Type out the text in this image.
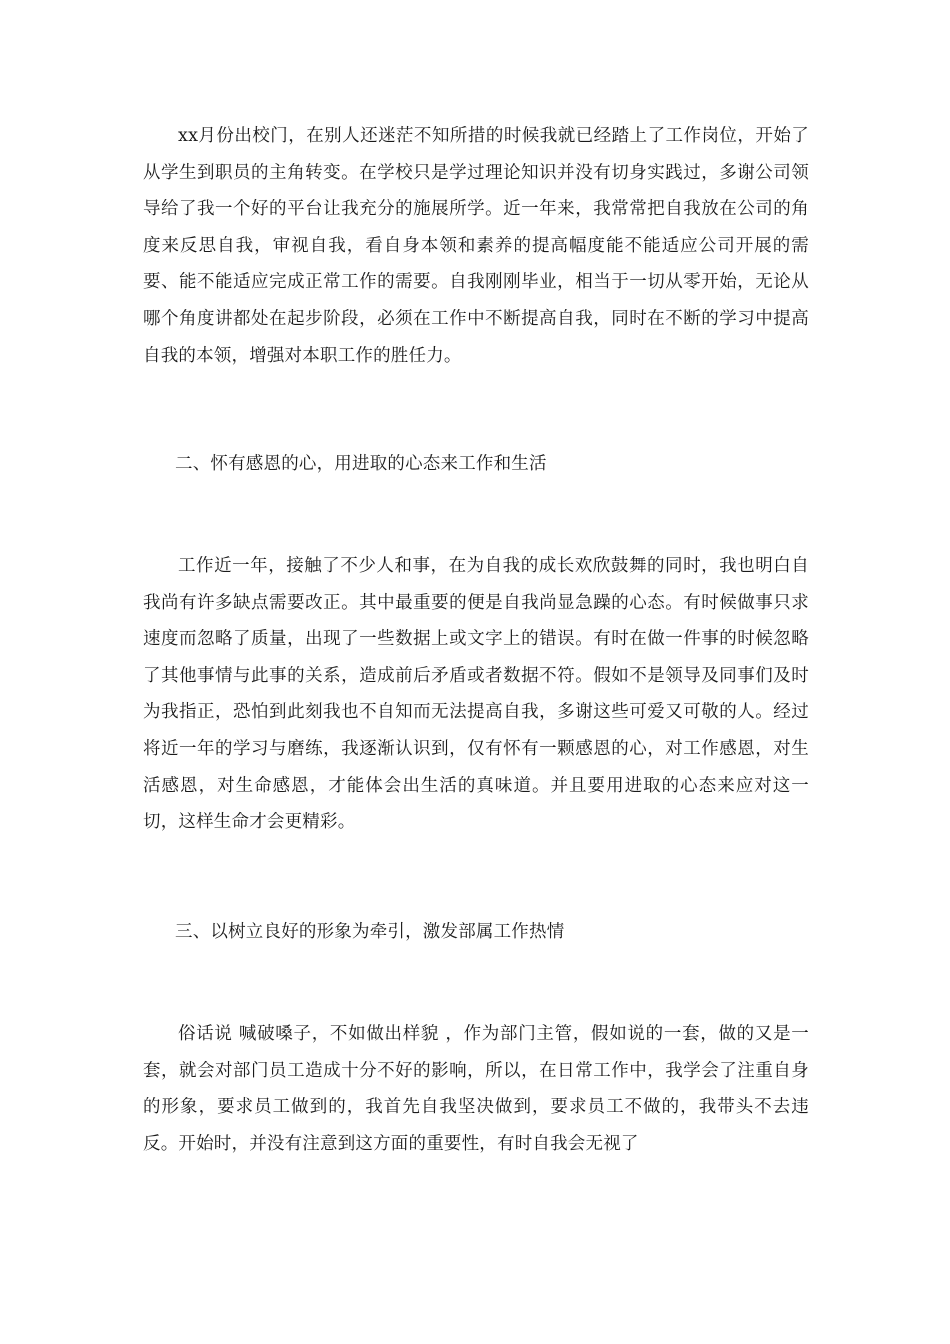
xx月份出校门，在别人还迷茫不知所措的时候我就已经踏上了工作岗位，开始了从学生到职员的主角转变。在学校只是学过理论知识并没有切身实践过，多谢公司领导给了我一个好的平台让我充分的施展所学。近一年来，我常常把自我放在公司的角度来反思自我，审视自我，看自身本领和素养的提高幅度能不能适应公司开展的需要、能不能适应完成正常工作的需要。自我刚刚毕业，相当于一切从零开始，无论从哪个角度讲都处在起步阶段，必须在工作中不断提高自我，同时在不断的学习中提高自我的本领，增强对本职工作的胜任力。

二、怀有感恩的心，用进取的心态来工作和生活

工作近一年，接触了不少人和事，在为自我的成长欢欣鼓舞的同时，我也明白自我尚有许多缺点需要改正。其中最重要的便是自我尚显急躁的心态。有时候做事只求速度而忽略了质量，出现了一些数据上或文字上的错误。有时在做一件事的时候忽略了其他事情与此事的关系，造成前后矛盾或者数据不符。假如不是领导及同事们及时为我指正，恐怕到此刻我也不自知而无法提高自我，多谢这些可爱又可敬的人。经过将近一年的学习与磨练，我逐渐认识到，仅有怀有一颗感恩的心，对工作感恩，对生活感恩，对生命感恩，才能体会出生活的真味道。并且要用进取的心态来应对这一切，这样生命才会更精彩。

三、以树立良好的形象为牵引，激发部属工作热情

俗话说 喊破嗓子，不如做出样貌 ，作为部门主管，假如说的一套，做的又是一套，就会对部门员工造成十分不好的影响，所以，在日常工作中，我学会了注重自身的形象，要求员工做到的，我首先自我坚决做到，要求员工不做的，我带头不去违反。开始时，并没有注意到这方面的重要性，有时自我会无视了
